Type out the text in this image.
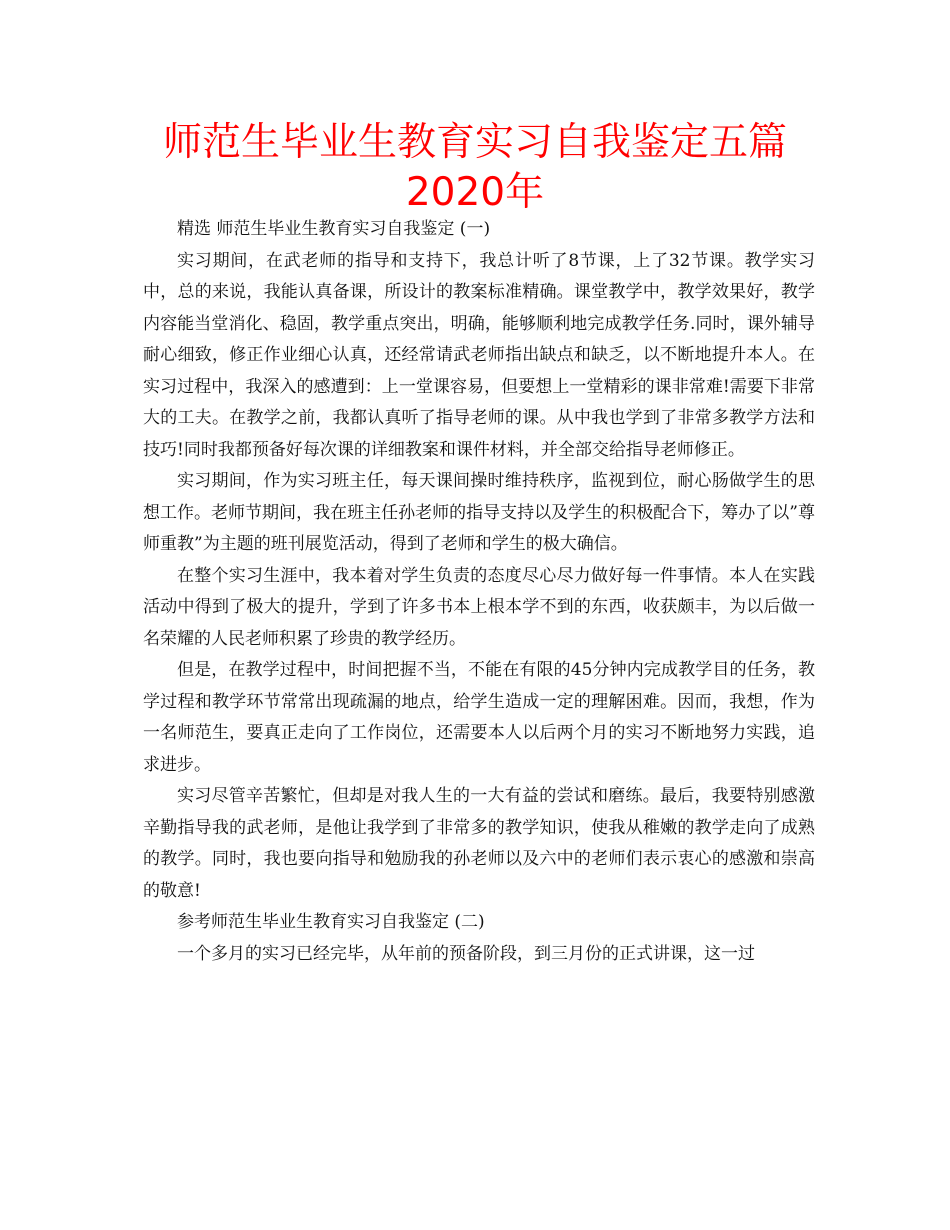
师范生毕业生教育实习自我鉴定五篇2020年

精选 师范生毕业生教育实习自我鉴定 (一)

实习期间，在武老师的指导和支持下，我总计听了8节课，上了32节课。教学实习中，总的来说，我能认真备课，所设计的教案标准精确。课堂教学中，教学效果好，教学内容能当堂消化、稳固，教学重点突出，明确，能够顺利地完成教学任务.同时，课外辅导耐心细致，修正作业细心认真，还经常请武老师指出缺点和缺乏，以不断地提升本人。在实习过程中，我深入的感遭到：上一堂课容易，但要想上一堂精彩的课非常难!需要下非常大的工夫。在教学之前，我都认真听了指导老师的课。从中我也学到了非常多教学方法和技巧!同时我都预备好每次课的详细教案和课件材料，并全部交给指导老师修正。

实习期间，作为实习班主任，每天课间操时维持秩序，监视到位，耐心肠做学生的思想工作。老师节期间，我在班主任孙老师的指导支持以及学生的积极配合下，筹办了以”尊师重教”为主题的班刊展览活动，得到了老师和学生的极大确信。

在整个实习生涯中，我本着对学生负责的态度尽心尽力做好每一件事情。本人在实践活动中得到了极大的提升，学到了许多书本上根本学不到的东西，收获颇丰，为以后做一名荣耀的人民老师积累了珍贵的教学经历。

但是，在教学过程中，时间把握不当，不能在有限的45分钟内完成教学目的任务，教学过程和教学环节常常出现疏漏的地点，给学生造成一定的理解困难。因而，我想，作为一名师范生，要真正走向了工作岗位，还需要本人以后两个月的实习不断地努力实践，追求进步。

实习尽管辛苦繁忙，但却是对我人生的一大有益的尝试和磨练。最后，我要特别感激辛勤指导我的武老师，是他让我学到了非常多的教学知识，使我从稚嫩的教学走向了成熟的教学。同时，我也要向指导和勉励我的孙老师以及六中的老师们表示衷心的感激和崇高的敬意!

参考师范生毕业生教育实习自我鉴定 (二)

一个多月的实习已经完毕，从年前的预备阶段，到三月份的正式讲课，这一过
